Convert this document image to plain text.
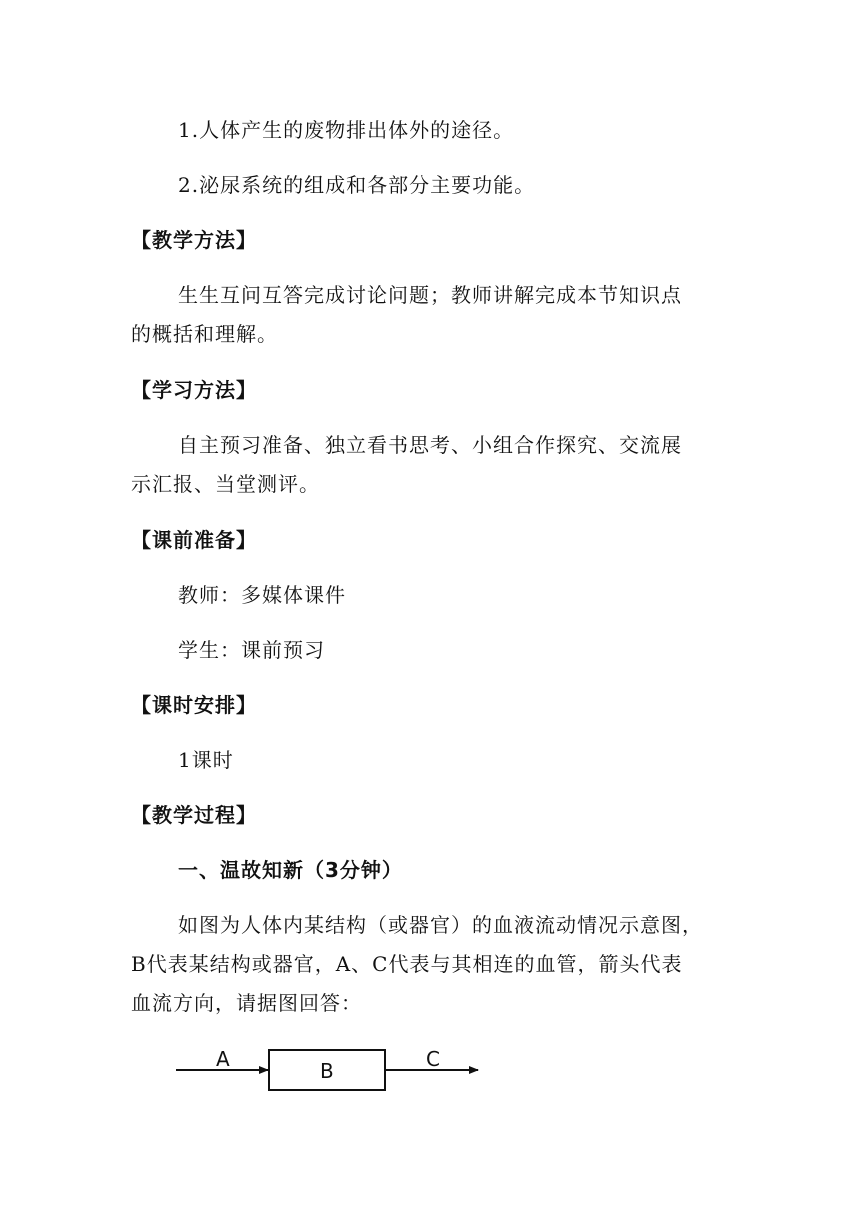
1.人体产生的废物排出体外的途径。
2.泌尿系统的组成和各部分主要功能。
【教学方法】
生生互问互答完成讨论问题；教师讲解完成本节知识点
的概括和理解。
【学习方法】
自主预习准备、独立看书思考、小组合作探究、交流展
示汇报、当堂测评。
【课前准备】
教师：多媒体课件
学生：课前预习
【课时安排】
1课时
【教学过程】
一、温故知新（3分钟）
如图为人体内某结构（或器官）的血液流动情况示意图，
B代表某结构或器官，A、C代表与其相连的血管，箭头代表
血流方向，请据图回答：
A	B	C
